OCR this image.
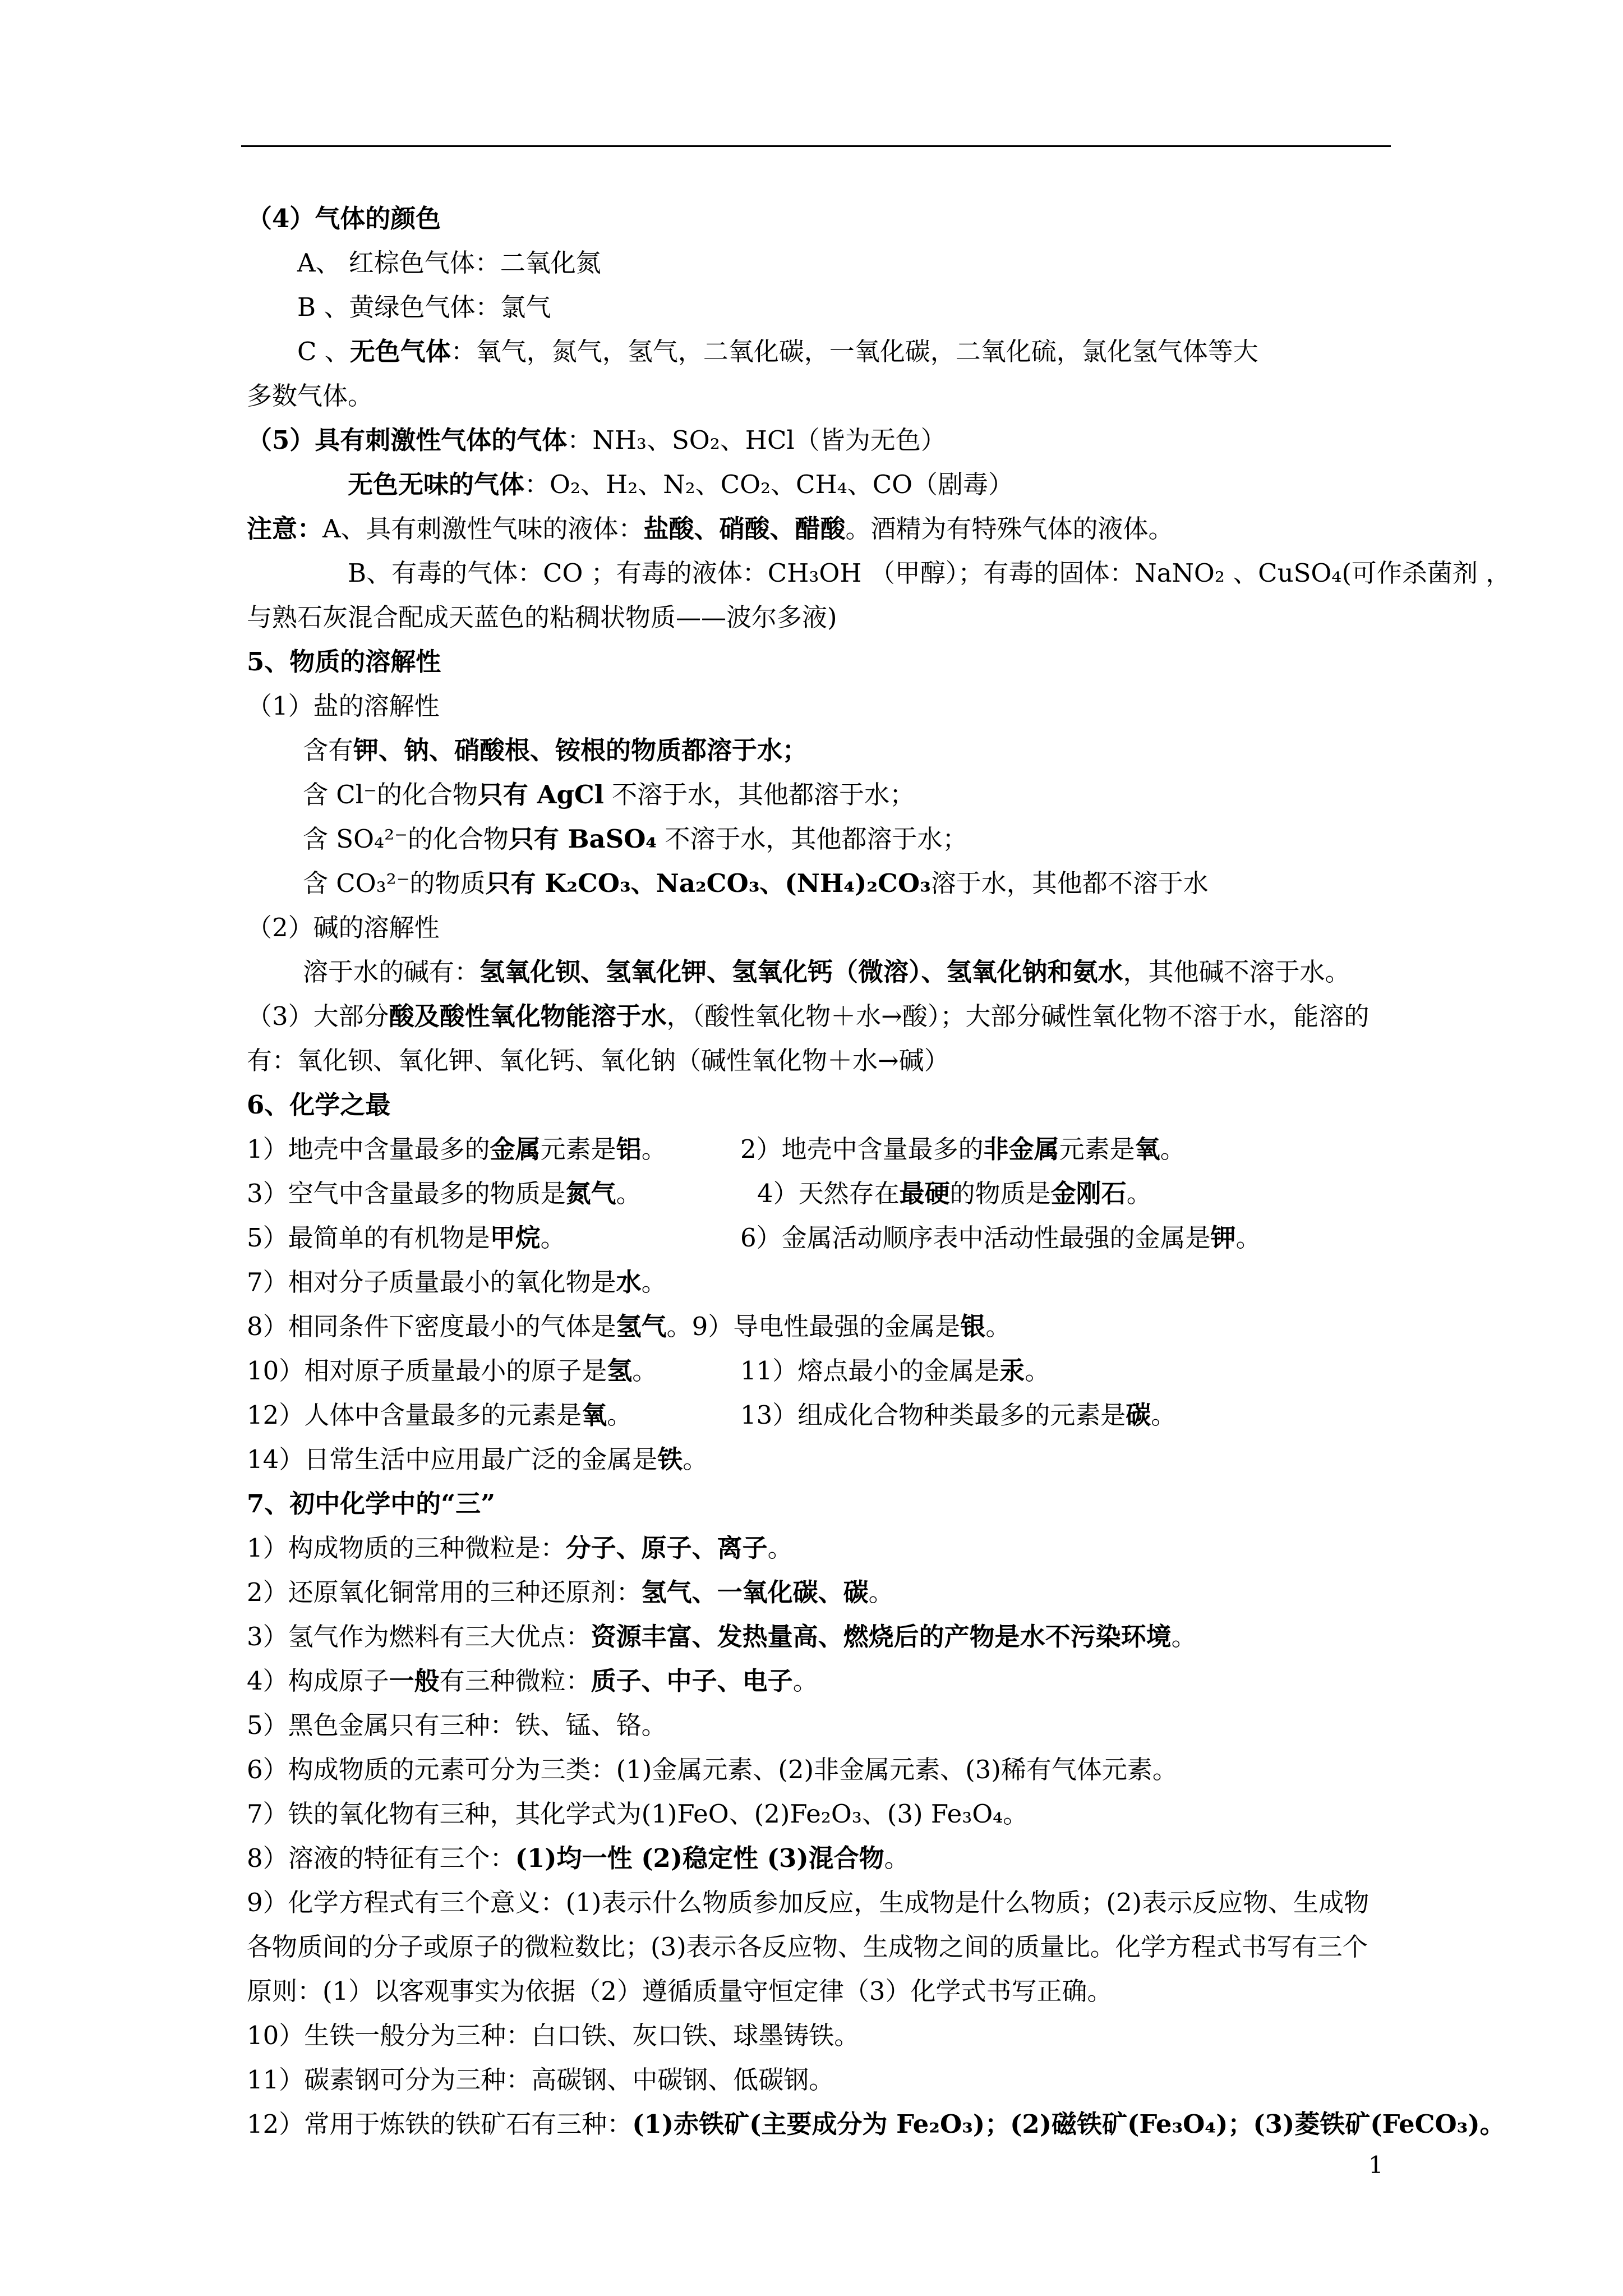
（4）气体的颜色
A、 红棕色气体：二氧化氮
B 、黄绿色气体：氯气
C 、无色气体：氧气，氮气，氢气，二氧化碳，一氧化碳，二氧化硫，氯化氢气体等大
多数气体。
（5）具有刺激性气体的气体：NH₃、SO₂、HCl（皆为无色）
无色无味的气体：O₂、H₂、N₂、CO₂、CH₄、CO（剧毒）
注意：A、具有刺激性气味的液体：盐酸、硝酸、醋酸。酒精为有特殊气体的液体。
B、有毒的气体：CO ；有毒的液体：CH₃OH （甲醇）；有毒的固体：NaNO₂ 、CuSO₄(可作杀菌剂 ，
与熟石灰混合配成天蓝色的粘稠状物质——波尔多液)
5、物质的溶解性
（1）盐的溶解性
含有钾、钠、硝酸根、铵根的物质都溶于水；
含 Cl⁻的化合物只有 AgCl 不溶于水，其他都溶于水；
含 SO₄²⁻的化合物只有 BaSO₄ 不溶于水，其他都溶于水；
含 CO₃²⁻的物质只有 K₂CO₃、Na₂CO₃、(NH₄)₂CO₃溶于水，其他都不溶于水
（2）碱的溶解性
溶于水的碱有：氢氧化钡、氢氧化钾、氢氧化钙（微溶）、氢氧化钠和氨水，其他碱不溶于水。
（3）大部分酸及酸性氧化物能溶于水，（酸性氧化物＋水→酸）；大部分碱性氧化物不溶于水，能溶的
有：氧化钡、氧化钾、氧化钙、氧化钠（碱性氧化物＋水→碱）
6、化学之最
1）地壳中含量最多的金属元素是铝。	2）地壳中含量最多的非金属元素是氧。
3）空气中含量最多的物质是氮气。	4）天然存在最硬的物质是金刚石。
5）最简单的有机物是甲烷。	6）金属活动顺序表中活动性最强的金属是钾。
7）相对分子质量最小的氧化物是水。
8）相同条件下密度最小的气体是氢气。9）导电性最强的金属是银。
10）相对原子质量最小的原子是氢。	11）熔点最小的金属是汞。
12）人体中含量最多的元素是氧。	13）组成化合物种类最多的元素是碳。
14）日常生活中应用最广泛的金属是铁。
7、初中化学中的“三”
1）构成物质的三种微粒是：分子、原子、离子。
2）还原氧化铜常用的三种还原剂：氢气、一氧化碳、碳。
3）氢气作为燃料有三大优点：资源丰富、发热量高、燃烧后的产物是水不污染环境。
4）构成原子一般有三种微粒：质子、中子、电子。
5）黑色金属只有三种：铁、锰、铬。
6）构成物质的元素可分为三类：(1)金属元素、(2)非金属元素、(3)稀有气体元素。
7）铁的氧化物有三种，其化学式为(1)FeO、(2)Fe₂O₃、(3) Fe₃O₄。
8）溶液的特征有三个：(1)均一性 (2)稳定性 (3)混合物。
9）化学方程式有三个意义：(1)表示什么物质参加反应，生成物是什么物质；(2)表示反应物、生成物
各物质间的分子或原子的微粒数比；(3)表示各反应物、生成物之间的质量比。化学方程式书写有三个
原则：(1）以客观事实为依据（2）遵循质量守恒定律（3）化学式书写正确。
10）生铁一般分为三种：白口铁、灰口铁、球墨铸铁。
11）碳素钢可分为三种：高碳钢、中碳钢、低碳钢。
12）常用于炼铁的铁矿石有三种：(1)赤铁矿(主要成分为 Fe₂O₃)；(2)磁铁矿(Fe₃O₄)；(3)菱铁矿(FeCO₃)。
1
